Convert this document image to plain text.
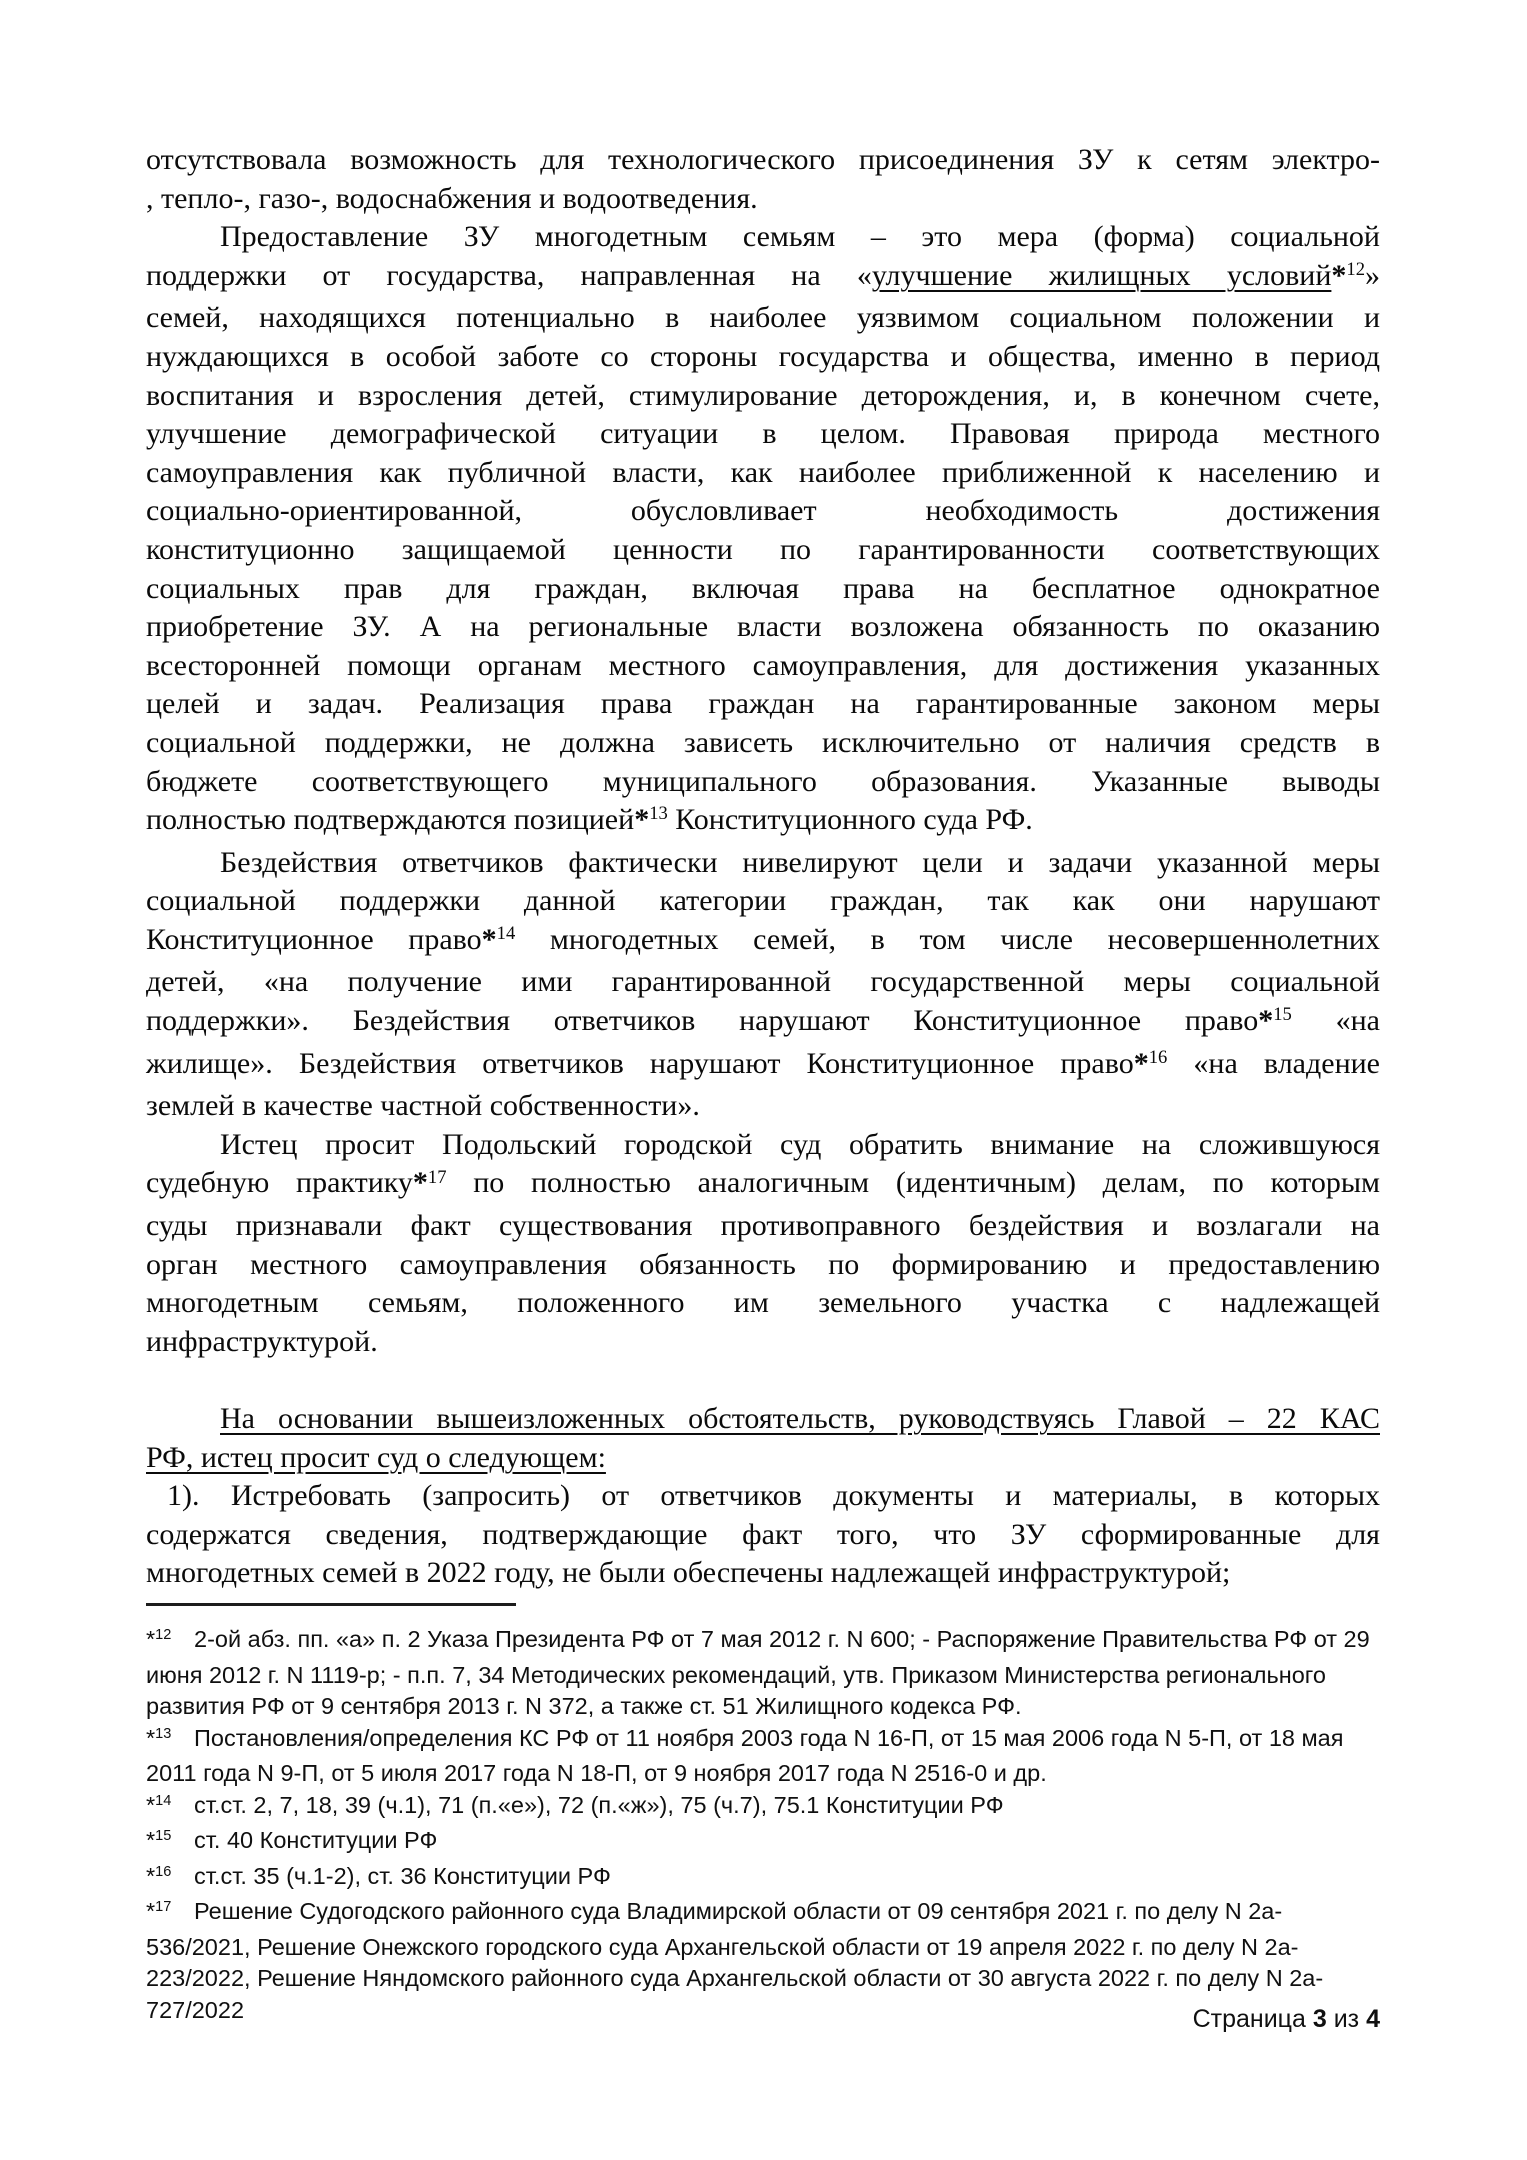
отсутствовала возможность для технологического присоединения ЗУ к сетям электро-
, тепло-, газо-, водоснабжения и водоотведения.
Предоставление ЗУ многодетным семьям – это мера (форма) социальной
поддержки от государства, направленная на «улучшение жилищных условий*$^{12}$»
семей, находящихся потенциально в наиболее уязвимом социальном положении и
нуждающихся в особой заботе со стороны государства и общества, именно в период
воспитания и взросления детей, стимулирование деторождения, и, в конечном счете,
улучшение демографической ситуации в целом. Правовая природа местного
самоуправления как публичной власти, как наиболее приближенной к населению и
социально-ориентированной, обусловливает необходимость достижения
конституционно защищаемой ценности по гарантированности соответствующих
социальных прав для граждан, включая права на бесплатное однократное
приобретение ЗУ. А на региональные власти возложена обязанность по оказанию
всесторонней помощи органам местного самоуправления, для достижения указанных
целей и задач. Реализация права граждан на гарантированные законом меры
социальной поддержки, не должна зависеть исключительно от наличия средств в
бюджете соответствующего муниципального образования. Указанные выводы
полностью подтверждаются позицией*$^{13}$ Конституционного суда РФ.
Бездействия ответчиков фактически нивелируют цели и задачи указанной меры
социальной поддержки данной категории граждан, так как они нарушают
Конституционное право*$^{14}$ многодетных семей, в том числе несовершеннолетних
детей, «на получение ими гарантированной государственной меры социальной
поддержки». Бездействия ответчиков нарушают Конституционное право*$^{15}$ «на
жилище». Бездействия ответчиков нарушают Конституционное право*$^{16}$ «на владение
землей в качестве частной собственности».
Истец просит Подольский городской суд обратить внимание на сложившуюся
судебную практику*$^{17}$ по полностью аналогичным (идентичным) делам, по которым
суды признавали факт существования противоправного бездействия и возлагали на
орган местного самоуправления обязанность по формированию и предоставлению
многодетным семьям, положенного им земельного участка с надлежащей
инфраструктурой.

На основании вышеизложенных обстоятельств, руководствуясь Главой – 22 КАС
РФ, истец просит суд о следующем:
1). Истребовать (запросить) от ответчиков документы и материалы, в которых
содержатся сведения, подтверждающие факт того, что ЗУ сформированные для
многодетных семей в 2022 году, не были обеспечены надлежащей инфраструктурой;
*$^{12}$ 2-ой абз. пп. «а» п. 2 Указа Президента РФ от 7 мая 2012 г. N 600; - Распоряжение Правительства РФ от 29
июня 2012 г. N 1119-р; - п.п. 7, 34 Методических рекомендаций, утв. Приказом Министерства регионального
развития РФ от 9 сентября 2013 г. N 372, а также ст. 51 Жилищного кодекса РФ.
*$^{13}$ Постановления/определения КС РФ от 11 ноября 2003 года N 16-П, от 15 мая 2006 года N 5-П, от 18 мая
2011 года N 9-П, от 5 июля 2017 года N 18-П, от 9 ноября 2017 года N 2516-0 и др.
*$^{14}$ ст.ст. 2, 7, 18, 39 (ч.1), 71 (п.«е»), 72 (п.«ж»), 75 (ч.7), 75.1 Конституции РФ
*$^{15}$ ст. 40 Конституции РФ
*$^{16}$ ст.ст. 35 (ч.1-2), ст. 36 Конституции РФ
*$^{17}$ Решение Судогодского районного суда Владимирской области от 09 сентября 2021 г. по делу N 2а-
536/2021, Решение Онежского городского суда Архангельской области от 19 апреля 2022 г. по делу N 2а-
223/2022, Решение Няндомского районного суда Архангельской области от 30 августа 2022 г. по делу N 2а-
727/2022	Страница 3 из 4
